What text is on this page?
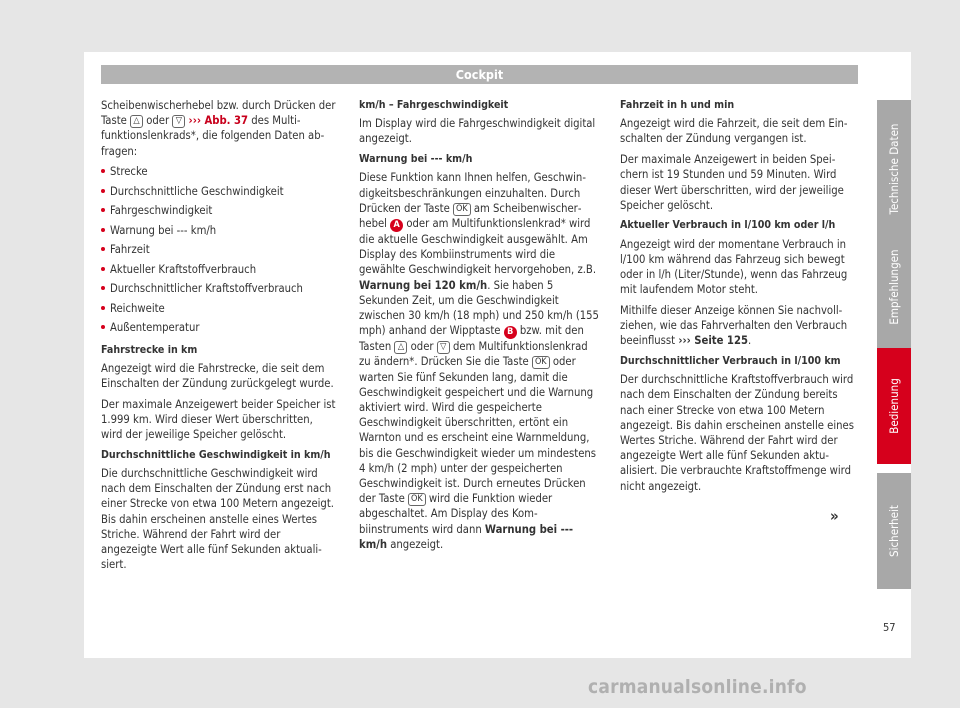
Cockpit

Scheibenwischerhebel bzw. durch Drücken der Taste △ oder ▽ ››› Abb. 37 des Multifunktionslenkrads*, die folgenden Daten abfragen:

Strecke
Durchschnittliche Geschwindigkeit
Fahrgeschwindigkeit
Warnung bei --- km/h
Fahrzeit
Aktueller Kraftstoffverbrauch
Durchschnittlicher Kraftstoffverbrauch
Reichweite
Außentemperatur

Fahrstrecke in km

Angezeigt wird die Fahrstrecke, die seit dem Einschalten der Zündung zurückgelegt wurde.

Der maximale Anzeigewert beider Speicher ist 1.999 km. Wird dieser Wert überschritten, wird der jeweilige Speicher gelöscht.

Durchschnittliche Geschwindigkeit in km/h

Die durchschnittliche Geschwindigkeit wird nach dem Einschalten der Zündung erst nach einer Strecke von etwa 100 Metern angezeigt. Bis dahin erscheinen anstelle eines Wertes Striche. Während der Fahrt wird der angezeigte Wert alle fünf Sekunden aktualisiert.

km/h – Fahrgeschwindigkeit

Im Display wird die Fahrgeschwindigkeit digital angezeigt.

Warnung bei --- km/h

Diese Funktion kann Ihnen helfen, Geschwindigkeitsbeschränkungen einzuhalten. Durch Drücken der Taste OK am Scheibenwischerhebel A oder am Multifunktionslenkrad* wird die aktuelle Geschwindigkeit ausgewählt. Am Display des Kombiinstruments wird die gewählte Geschwindigkeit hervorgehoben, z.B. Warnung bei 120 km/h. Sie haben 5 Sekunden Zeit, um die Geschwindigkeit zwischen 30 km/h (18 mph) und 250 km/h (155 mph) anhand der Wipptaste B bzw. mit den Tasten △ oder ▽ dem Multifunktionslenkrad zu ändern*. Drücken Sie die Taste OK oder warten Sie fünf Sekunden lang, damit die Geschwindigkeit gespeichert und die Warnung aktiviert wird. Wird die gespeicherte Geschwindigkeit überschritten, ertönt ein Warnton und es erscheint eine Warnmeldung, bis die Geschwindigkeit wieder um mindestens 4 km/h (2 mph) unter der gespeicherten Geschwindigkeit ist. Durch erneutes Drücken der Taste OK wird die Funktion wieder abgeschaltet. Am Display des Kombiinstruments wird dann Warnung bei --- km/h angezeigt.

Fahrzeit in h und min

Angezeigt wird die Fahrzeit, die seit dem Einschalten der Zündung vergangen ist.

Der maximale Anzeigewert in beiden Speichern ist 19 Stunden und 59 Minuten. Wird dieser Wert überschritten, wird der jeweilige Speicher gelöscht.

Aktueller Verbrauch in l/100 km oder l/h

Angezeigt wird der momentane Verbrauch in l/100 km während das Fahrzeug sich bewegt oder in l/h (Liter/Stunde), wenn das Fahrzeug mit laufendem Motor steht.

Mithilfe dieser Anzeige können Sie nachvollziehen, wie das Fahrverhalten den Verbrauch beeinflusst ››› Seite 125.

Durchschnittlicher Verbrauch in l/100 km

Der durchschnittliche Kraftstoffverbrauch wird nach dem Einschalten der Zündung bereits nach einer Strecke von etwa 100 Metern angezeigt. Bis dahin erscheinen anstelle eines Wertes Striche. Während der Fahrt wird der angezeigte Wert alle fünf Sekunden aktualisiert. Die verbrauchte Kraftstoffmenge wird nicht angezeigt.

»
Technische Daten
Empfehlungen
Bedienung
Sicherheit
57
carmanualsonline.info
